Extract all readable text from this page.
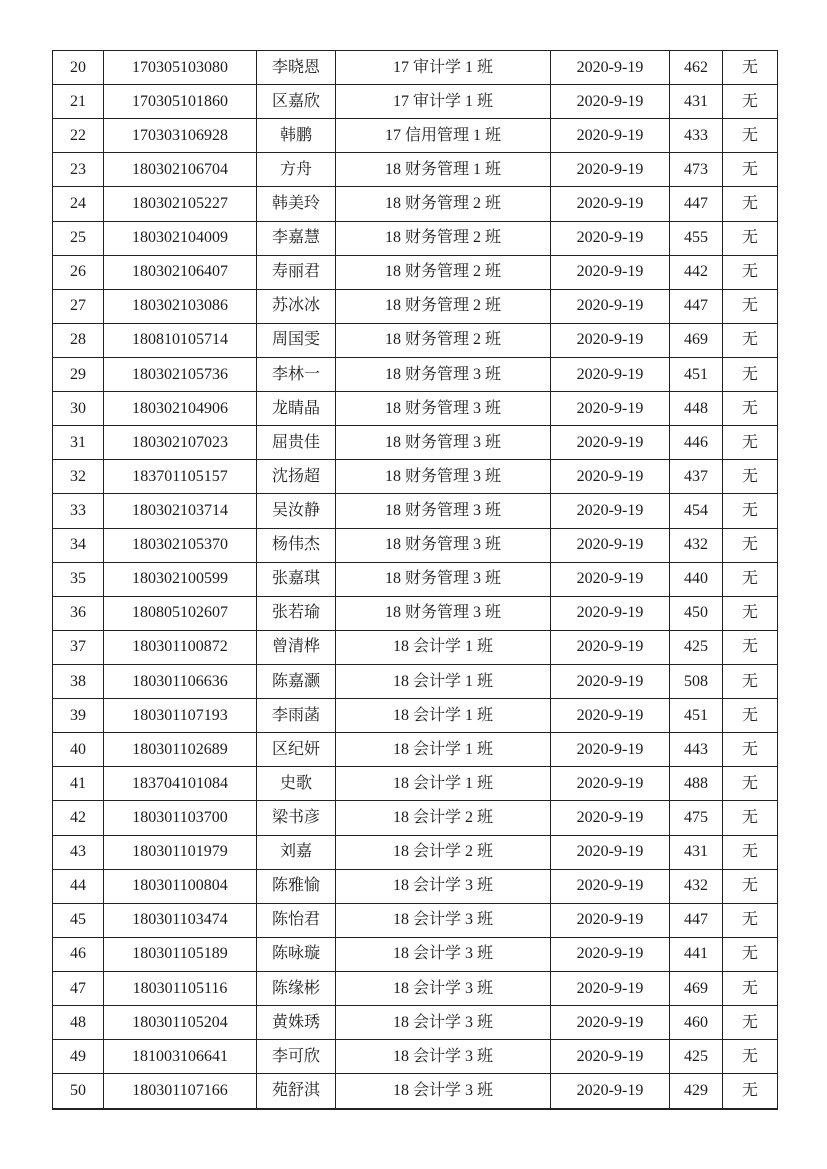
20	170305103080	李晓恩	17 审计学 1 班	2020-9-19	462	无
21	170305101860	区嘉欣	17 审计学 1 班	2020-9-19	431	无
22	170303106928	韩鹏	17 信用管理 1 班	2020-9-19	433	无
23	180302106704	方舟	18 财务管理 1 班	2020-9-19	473	无
24	180302105227	韩美玲	18 财务管理 2 班	2020-9-19	447	无
25	180302104009	李嘉慧	18 财务管理 2 班	2020-9-19	455	无
26	180302106407	寿丽君	18 财务管理 2 班	2020-9-19	442	无
27	180302103086	苏冰冰	18 财务管理 2 班	2020-9-19	447	无
28	180810105714	周国雯	18 财务管理 2 班	2020-9-19	469	无
29	180302105736	李林一	18 财务管理 3 班	2020-9-19	451	无
30	180302104906	龙睛晶	18 财务管理 3 班	2020-9-19	448	无
31	180302107023	屈贵佳	18 财务管理 3 班	2020-9-19	446	无
32	183701105157	沈扬超	18 财务管理 3 班	2020-9-19	437	无
33	180302103714	吴汝静	18 财务管理 3 班	2020-9-19	454	无
34	180302105370	杨伟杰	18 财务管理 3 班	2020-9-19	432	无
35	180302100599	张嘉琪	18 财务管理 3 班	2020-9-19	440	无
36	180805102607	张若瑜	18 财务管理 3 班	2020-9-19	450	无
37	180301100872	曾清桦	18 会计学 1 班	2020-9-19	425	无
38	180301106636	陈嘉灏	18 会计学 1 班	2020-9-19	508	无
39	180301107193	李雨菡	18 会计学 1 班	2020-9-19	451	无
40	180301102689	区纪妍	18 会计学 1 班	2020-9-19	443	无
41	183704101084	史歌	18 会计学 1 班	2020-9-19	488	无
42	180301103700	梁书彦	18 会计学 2 班	2020-9-19	475	无
43	180301101979	刘嘉	18 会计学 2 班	2020-9-19	431	无
44	180301100804	陈雅愉	18 会计学 3 班	2020-9-19	432	无
45	180301103474	陈怡君	18 会计学 3 班	2020-9-19	447	无
46	180301105189	陈咏璇	18 会计学 3 班	2020-9-19	441	无
47	180301105116	陈缘彬	18 会计学 3 班	2020-9-19	469	无
48	180301105204	黄姝琇	18 会计学 3 班	2020-9-19	460	无
49	181003106641	李可欣	18 会计学 3 班	2020-9-19	425	无
50	180301107166	苑舒淇	18 会计学 3 班	2020-9-19	429	无
